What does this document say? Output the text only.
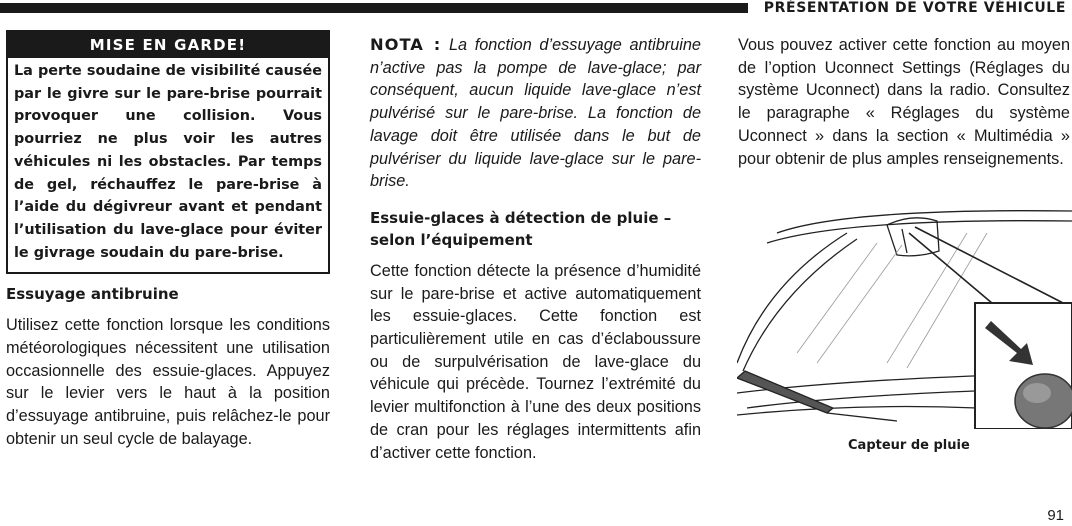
PRÉSENTATION DE VOTRE VÉHICULE
MISE EN GARDE!
La perte soudaine de visibilité causée par le givre sur le pare-brise pourrait provoquer une collision. Vous pourriez ne plus voir les autres véhicules ni les obstacles. Par temps de gel, réchauffez le pare-brise à l’aide du dégivreur avant et pendant l’utilisation du lave-glace pour éviter le givrage soudain du pare-brise.

Essuyage antibruine

Utilisez cette fonction lorsque les conditions météorologiques nécessitent une utilisation occasionnelle des essuie-glaces. Appuyez sur le levier vers le haut à la position d’essuyage antibruine, puis relâchez-le pour obtenir un seul cycle de balayage.

NOTA : La fonction d’essuyage antibruine n’active pas la pompe de lave-glace; par conséquent, aucun liquide lave-glace n’est pulvérisé sur le pare-brise. La fonction de lavage doit être utilisée dans le but de pulvériser du liquide lave-glace sur le pare-brise.

Essuie-glaces à détection de pluie –
selon l’équipement

Cette fonction détecte la présence d’humidité sur le pare-brise et active automatiquement les essuie-glaces. Cette fonction est particulièrement utile en cas d’éclaboussure ou de surpulvérisation de lave-glace du véhicule qui précède. Tournez l’extrémité du levier multifonction à l’une des deux positions de cran pour les réglages intermittents afin d’activer cette fonction.

Vous pouvez activer cette fonction au moyen de l’option Uconnect Settings (Réglages du système Uconnect) dans la radio. Consultez le paragraphe « Réglages du système Uconnect » dans la section « Multimédia » pour obtenir de plus amples renseignements.

Capteur de pluie
91
